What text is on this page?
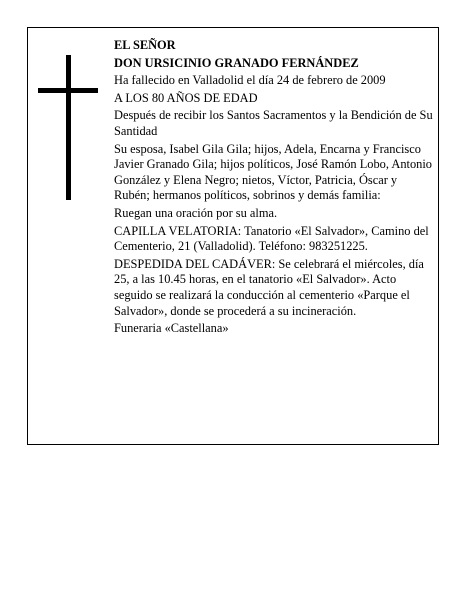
EL SEÑOR

DON URSICINIO GRANADO FERNÁNDEZ

Ha fallecido en Valladolid el día 24 de febrero de 2009

A LOS 80 AÑOS DE EDAD

Después de recibir los Santos Sacramentos y la Bendición de Su Santidad

Su esposa, Isabel Gila Gila; hijos, Adela, Encarna y Francisco Javier Granado Gila; hijos políticos, José Ramón Lobo, Antonio González y Elena Negro; nietos, Víctor, Patricia, Óscar y Rubén; hermanos políticos, sobrinos y demás familia:

Ruegan una oración por su alma.

CAPILLA VELATORIA: Tanatorio «El Salvador», Camino del Cementerio, 21 (Valladolid). Teléfono: 983251225.

DESPEDIDA DEL CADÁVER: Se celebrará el miércoles, día 25, a las 10.45 horas, en el tanatorio «El Salvador». Acto seguido se realizará la conducción al cementerio «Parque el Salvador», donde se procederá a su incineración.

Funeraria «Castellana»
